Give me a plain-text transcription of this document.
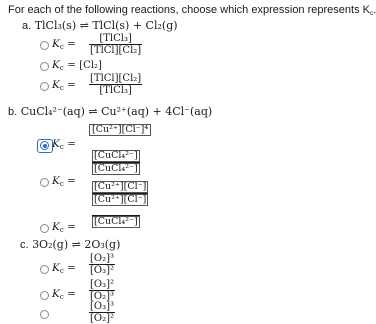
For each of the following reactions, choose which expression represents $K_c$.
a. TlCl₃(s) ⇌ TlCl(s) + Cl₂(g)
$K_c$ = [TlCl₃]
[TlCl][Cl₂]
$K_c = [Cl_2]$
$K_c$ =
[TlCl][Cl₂]
[TlCl₃]
b. CuCl₄²⁻(aq) ⇌ Cu²⁺(aq) + 4Cl⁻(aq)
$K_c$ =
[Cu²⁺][Cl⁻]⁴
$K_c$ =
[CuCl₄²⁻]
[CuCl₄²⁻]
$K_c$ =
$\frac{\text{[Cu²⁺][Cl⁻]}}{\text{[Cu²⁺][Cl⁻]}}$
[CuCl₄²⁻]
c. 3O₂(g) ⇌ 2O₃(g)
$K_c$ =
[O₂]³
[O₃]²
$K_c$ =
[O₃]²
[O₂]³
[O₃]³
[O₂]²
